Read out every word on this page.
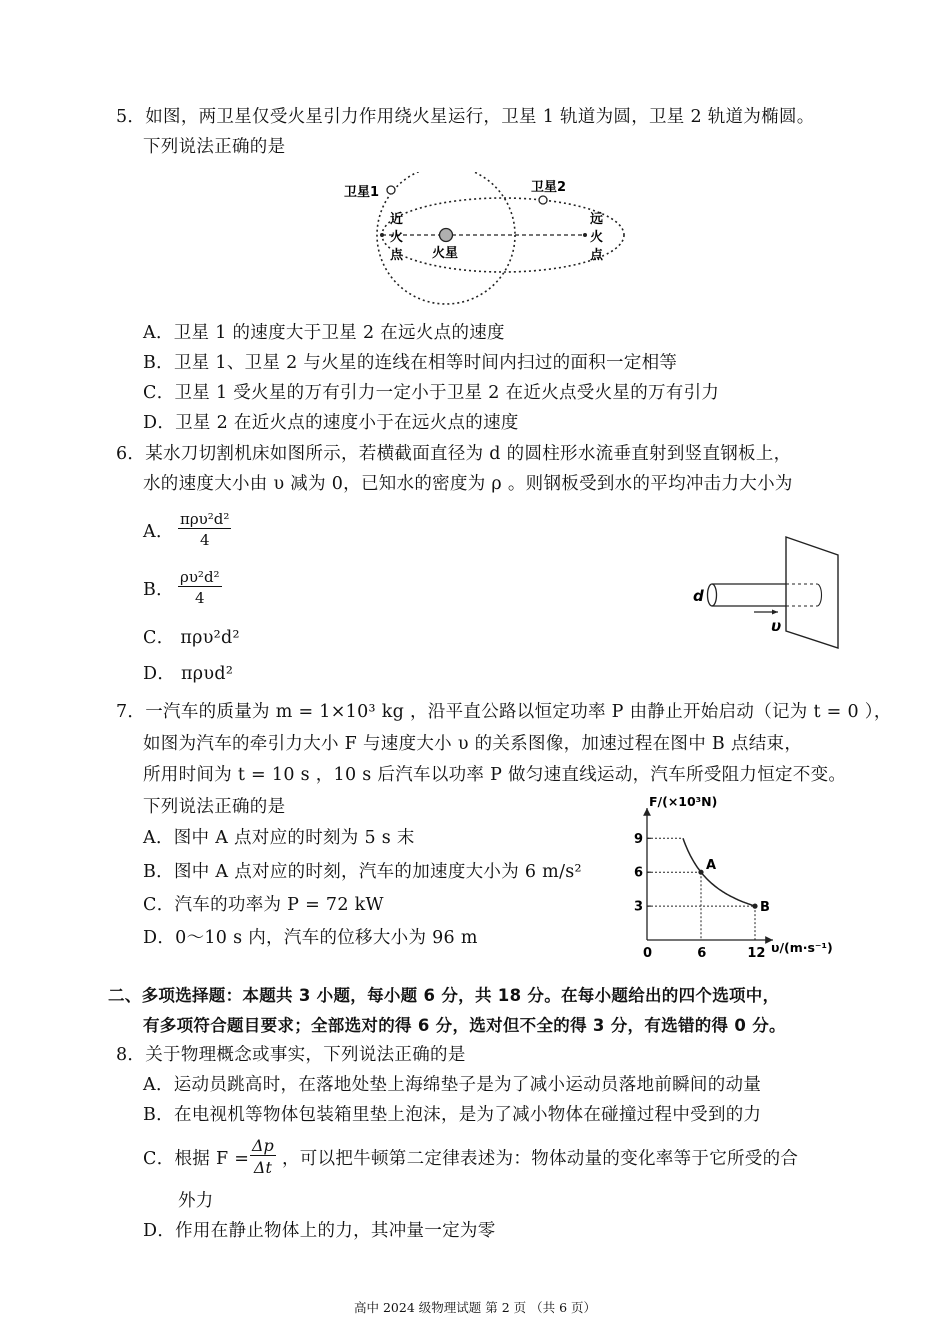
5．如图，两卫星仅受火星引力作用绕火星运行，卫星 1 轨道为圆，卫星 2 轨道为椭圆。
下列说法正确的是
卫星1	卫星2
火星
近
火
点
远
火
点
A．卫星 1 的速度大于卫星 2 在远火点的速度
B．卫星 1、卫星 2 与火星的连线在相等时间内扫过的面积一定相等
C．卫星 1 受火星的万有引力一定小于卫星 2 在近火点受火星的万有引力
D．卫星 2 在近火点的速度小于在远火点的速度
6．某水刀切割机床如图所示，若横截面直径为 d 的圆柱形水流垂直射到竖直钢板上，
水的速度大小由 υ 减为 0，已知水的密度为 ρ 。则钢板受到水的平均冲击力大小为
A．
πρυ²d²
4
B． $\frac{\text{ρυ²d²}}{4}$
C． πρυ²d²
D． πρυd²
d
υ
7．一汽车的质量为 m = 1×10³ kg ，沿平直公路以恒定功率 P 由静止开始启动（记为 t = 0 ），
如图为汽车的牵引力大小 F 与速度大小 υ 的关系图像，加速过程在图中 B 点结束，
所用时间为 t = 10 s ，10 s 后汽车以功率 P 做匀速直线运动，汽车所受阻力恒定不变。
下列说法正确的是
A．图中 A 点对应的时刻为 5 s 末
B．图中 A 点对应的时刻，汽车的加速度大小为 6 m/s²
C．汽车的功率为 P = 72 kW
D．0～10 s 内，汽车的位移大小为 96 m
F/(×10³N)
υ/(m·s⁻¹)
A
B
3
6
9
0	6	12
二、多项选择题：本题共 3 小题，每小题 6 分，共 18 分。在每小题给出的四个选项中，
有多项符合题目要求；全部选对的得 6 分，选对但不全的得 3 分，有选错的得 0 分。
8．关于物理概念或事实，下列说法正确的是
A．运动员跳高时，在落地处垫上海绵垫子是为了减小运动员落地前瞬间的动量
B．在电视机等物体包装箱里垫上泡沫，是为了减小物体在碰撞过程中受到的力
C．根据 $F = \frac{\Delta p}{\Delta t}$ ，可以把牛顿第二定律表述为：物体动量的变化率等于它所受的合
外力
D．作用在静止物体上的力，其冲量一定为零
高中 2024 级物理试题 第 2 页 （共 6 页）
